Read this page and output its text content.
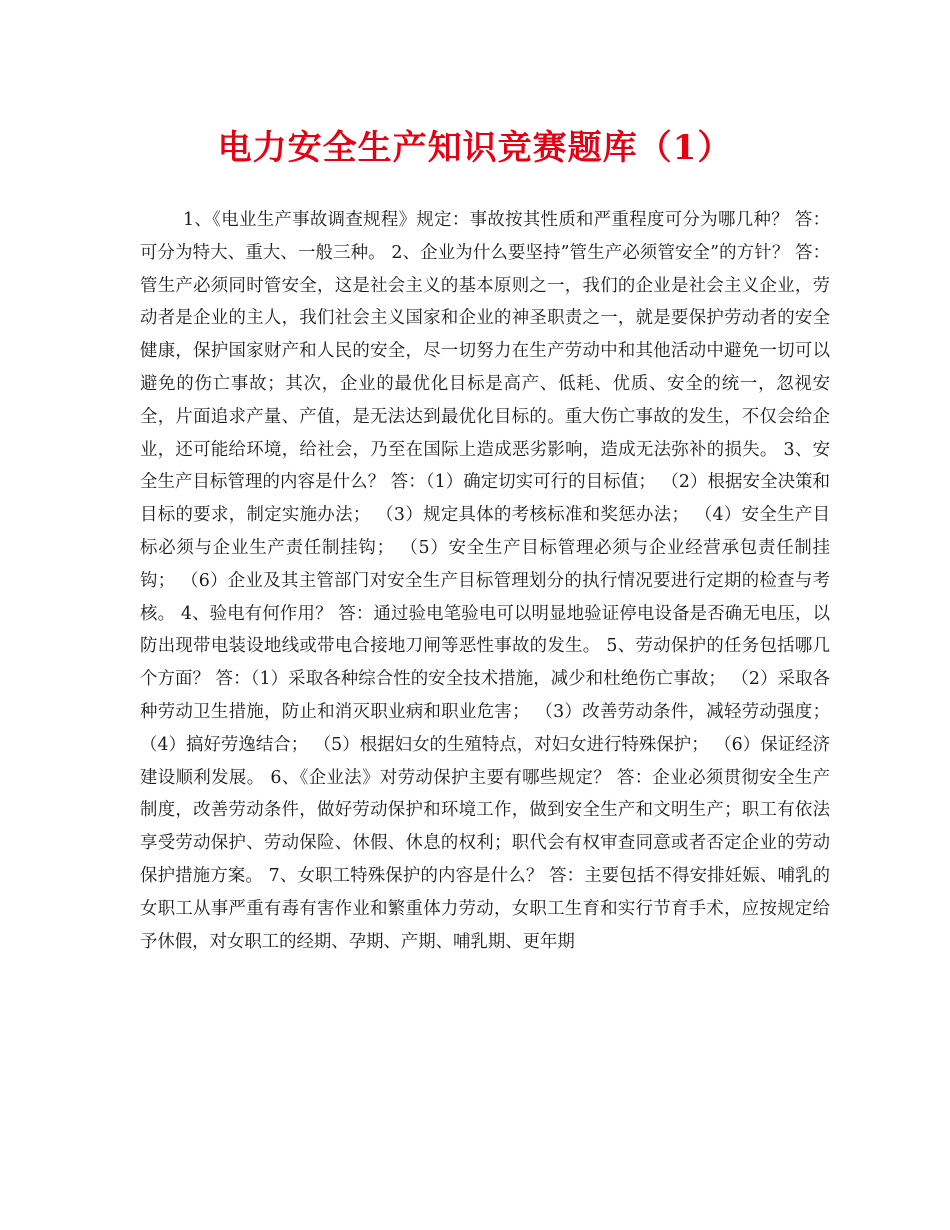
电力安全生产知识竞赛题库（1）

1、《电业生产事故调查规程》规定：事故按其性质和严重程度可分为哪几种？ 答：可分为特大、重大、一般三种。 2、企业为什么要坚持”管生产必须管安全”的方针？ 答：管生产必须同时管安全，这是社会主义的基本原则之一，我们的企业是社会主义企业，劳动者是企业的主人，我们社会主义国家和企业的神圣职责之一，就是要保护劳动者的安全健康，保护国家财产和人民的安全，尽一切努力在生产劳动中和其他活动中避免一切可以避免的伤亡事故；其次，企业的最优化目标是高产、低耗、优质、安全的统一，忽视安全，片面追求产量、产值，是无法达到最优化目标的。重大伤亡事故的发生，不仅会给企业，还可能给环境，给社会，乃至在国际上造成恶劣影响，造成无法弥补的损失。 3、安全生产目标管理的内容是什么？ 答：（1）确定切实可行的目标值； （2）根据安全决策和目标的要求，制定实施办法； （3）规定具体的考核标准和奖惩办法； （4）安全生产目标必须与企业生产责任制挂钩； （5）安全生产目标管理必须与企业经营承包责任制挂钩； （6）企业及其主管部门对安全生产目标管理划分的执行情况要进行定期的检查与考核。 4、验电有何作用？ 答：通过验电笔验电可以明显地验证停电设备是否确无电压，以防出现带电装设地线或带电合接地刀闸等恶性事故的发生。 5、劳动保护的任务包括哪几个方面？ 答：（1）采取各种综合性的安全技术措施，减少和杜绝伤亡事故； （2）采取各种劳动卫生措施，防止和消灭职业病和职业危害； （3）改善劳动条件，减轻劳动强度； （4）搞好劳逸结合； （5）根据妇女的生殖特点，对妇女进行特殊保护； （6）保证经济建设顺利发展。 6、《企业法》对劳动保护主要有哪些规定？ 答：企业必须贯彻安全生产制度，改善劳动条件，做好劳动保护和环境工作，做到安全生产和文明生产；职工有依法享受劳动保护、劳动保险、休假、休息的权利；职代会有权审查同意或者否定企业的劳动保护措施方案。 7、女职工特殊保护的内容是什么？ 答：主要包括不得安排妊娠、哺乳的女职工从事严重有毒有害作业和繁重体力劳动，女职工生育和实行节育手术，应按规定给予休假，对女职工的经期、孕期、产期、哺乳期、更年期
